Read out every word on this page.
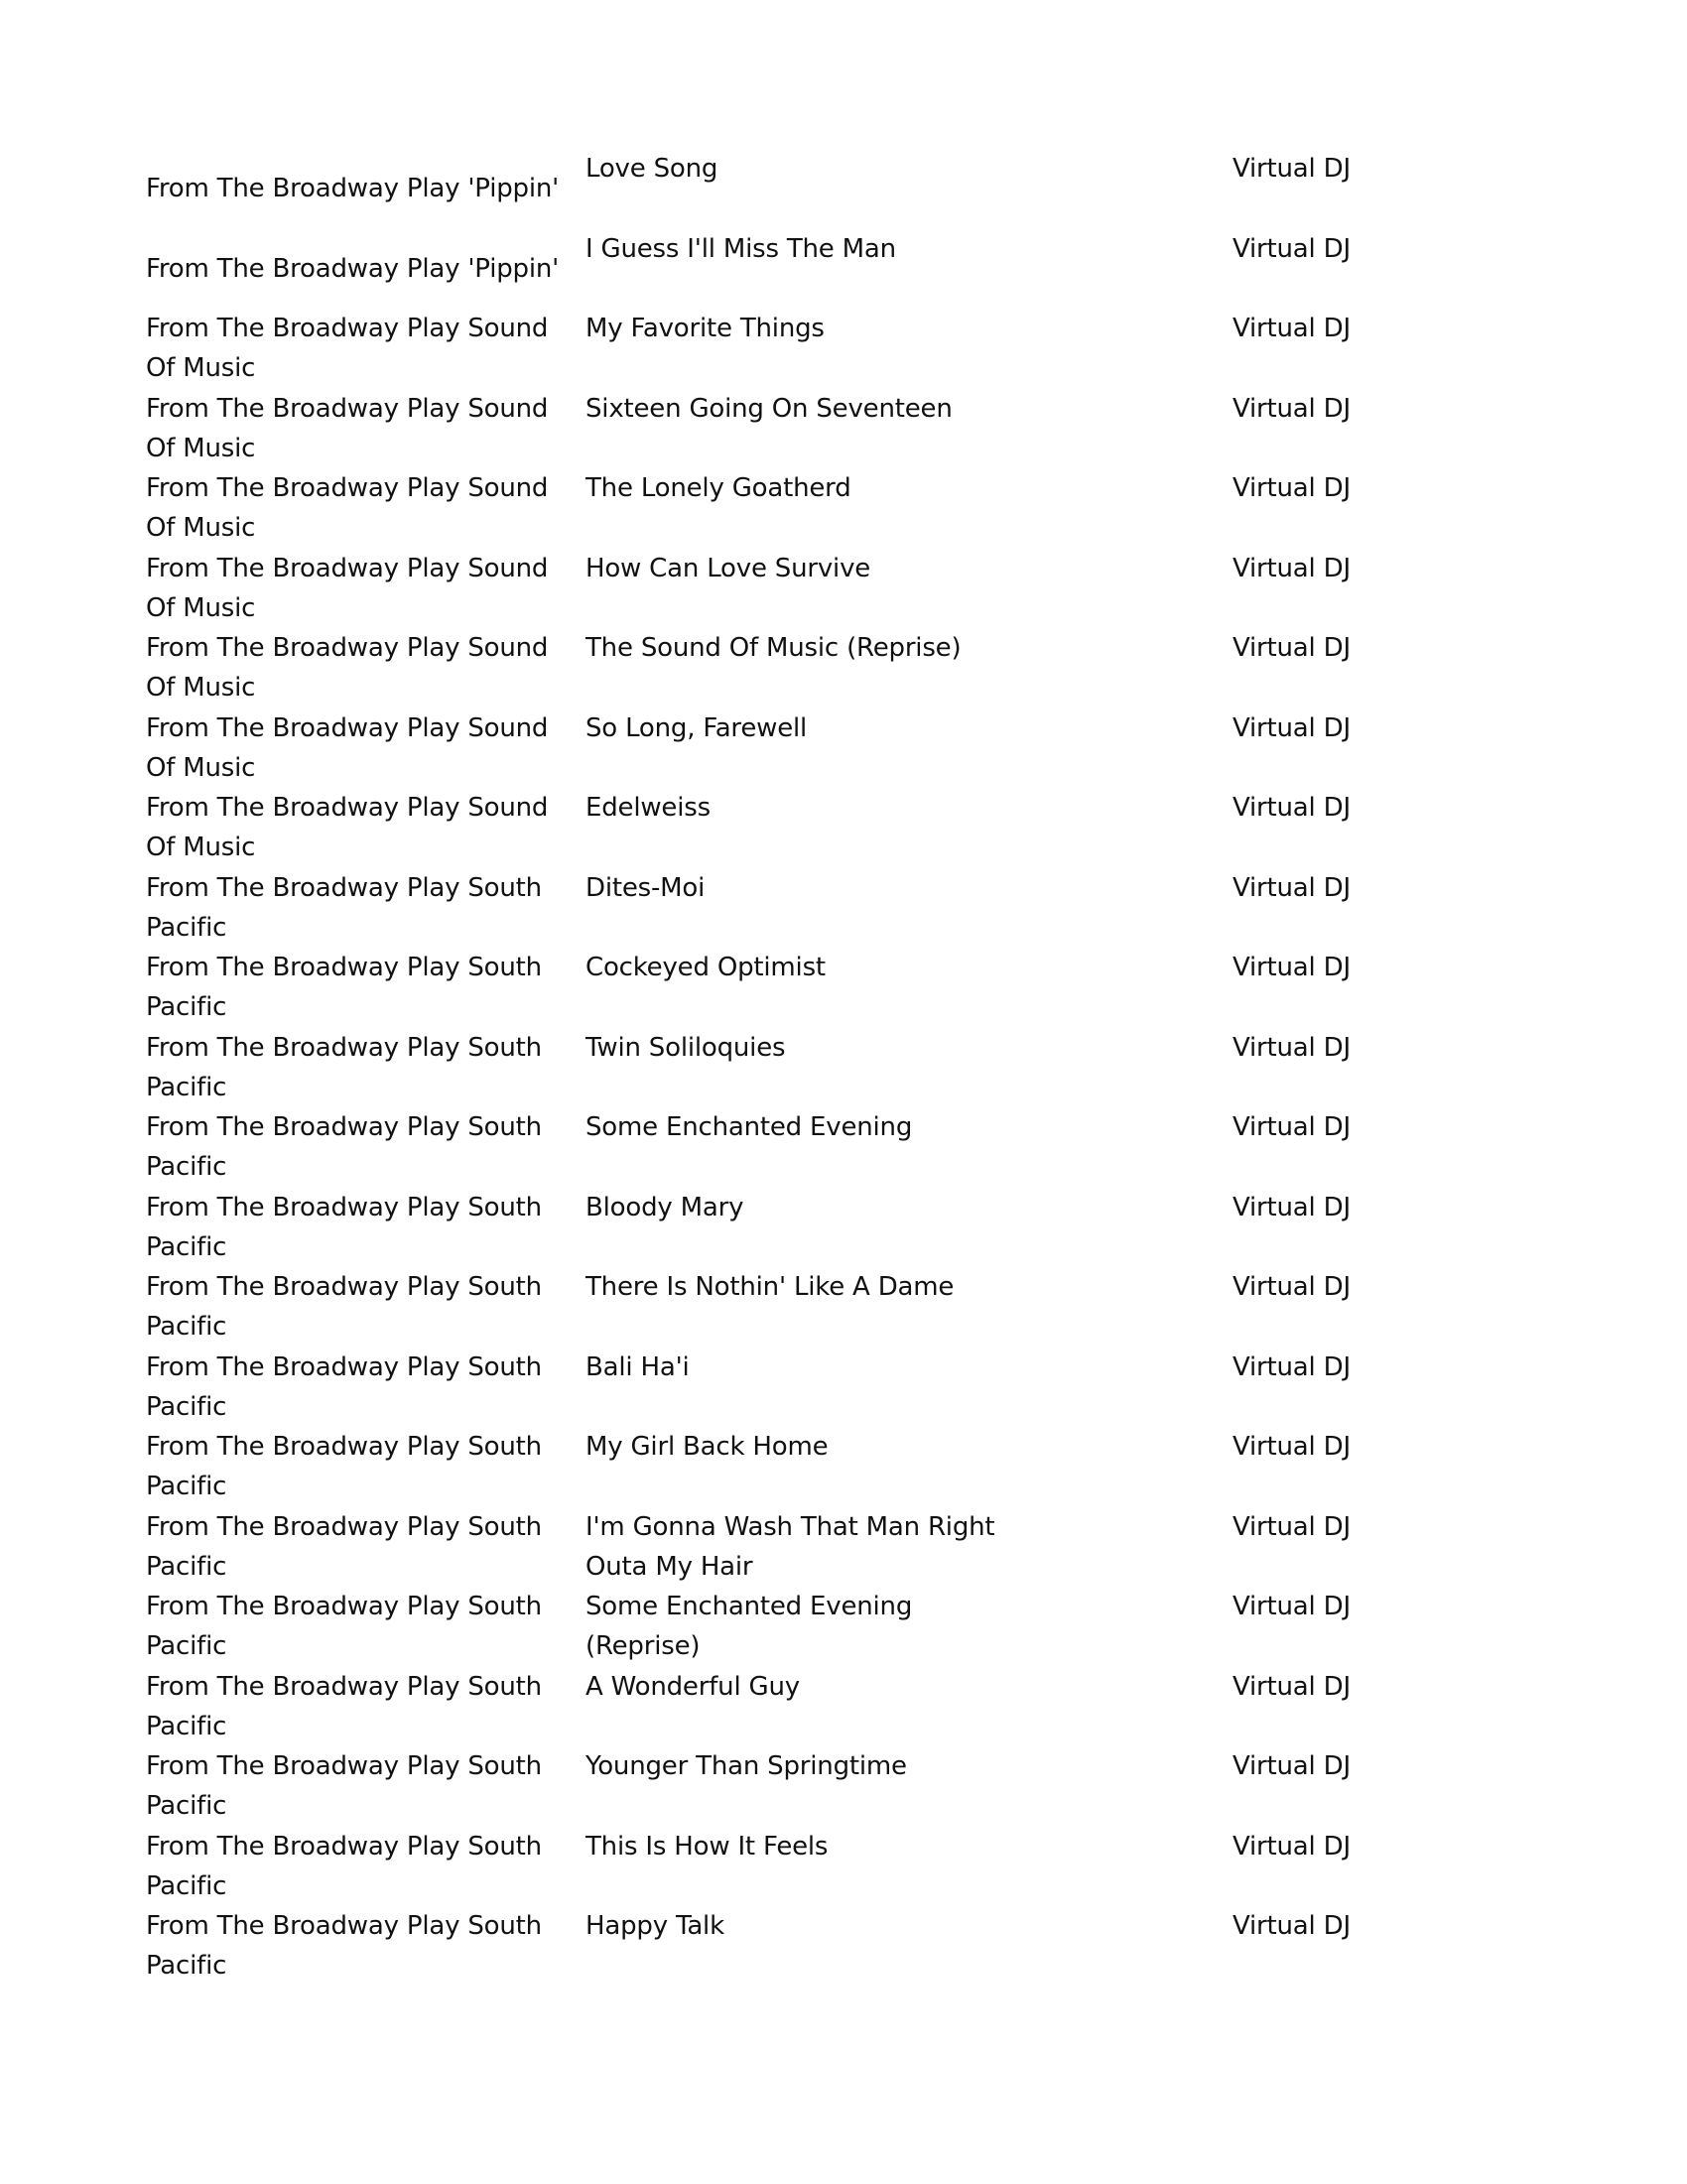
From The Broadway Play 'Pippin'
Love Song	Virtual DJ
From The Broadway Play 'Pippin'
I Guess I'll Miss The Man	Virtual DJ
From The Broadway Play Sound Of Music
My Favorite Things	Virtual DJ
From The Broadway Play Sound Of Music
Sixteen Going On Seventeen	Virtual DJ
From The Broadway Play Sound Of Music
The Lonely Goatherd	Virtual DJ
From The Broadway Play Sound Of Music
How Can Love Survive	Virtual DJ
From The Broadway Play Sound Of Music
The Sound Of Music (Reprise)	Virtual DJ
From The Broadway Play Sound Of Music
So Long, Farewell	Virtual DJ
From The Broadway Play Sound Of Music
Edelweiss	Virtual DJ
From The Broadway Play South Pacific
Dites-Moi	Virtual DJ
From The Broadway Play South Pacific
Cockeyed Optimist	Virtual DJ
From The Broadway Play South Pacific
Twin Soliloquies	Virtual DJ
From The Broadway Play South Pacific
Some Enchanted Evening	Virtual DJ
From The Broadway Play South Pacific
Bloody Mary	Virtual DJ
From The Broadway Play South Pacific
There Is Nothin' Like A Dame	Virtual DJ
From The Broadway Play South Pacific
Bali Ha'i	Virtual DJ
From The Broadway Play South Pacific
My Girl Back Home	Virtual DJ
From The Broadway Play South Pacific
I'm Gonna Wash That Man Right Outa My Hair
Virtual DJ
From The Broadway Play South Pacific
Some Enchanted Evening (Reprise)
Virtual DJ
From The Broadway Play South Pacific
A Wonderful Guy	Virtual DJ
From The Broadway Play South Pacific
Younger Than Springtime	Virtual DJ
From The Broadway Play South Pacific
This Is How It Feels	Virtual DJ
From The Broadway Play South Pacific
Happy Talk	Virtual DJ
